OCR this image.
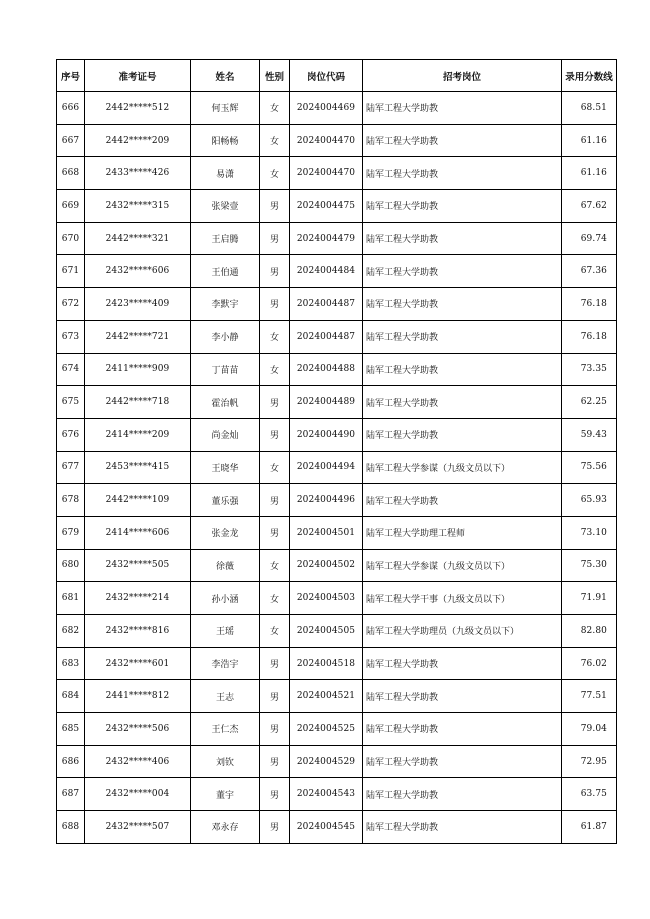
序号	准考证号	姓名	性别	岗位代码	招考岗位	录用分数线
666	2442*****512	何玉辉	女	2024004469	陆军工程大学助教	68.51
667	2442*****209	阳畅畅	女	2024004470	陆军工程大学助教	61.16
668	2433*****426	易潇	女	2024004470	陆军工程大学助教	61.16
669	2432*****315	张梁壹	男	2024004475	陆军工程大学助教	67.62
670	2442*****321	王启腾	男	2024004479	陆军工程大学助教	69.74
671	2432*****606	王伯通	男	2024004484	陆军工程大学助教	67.36
672	2423*****409	李默宇	男	2024004487	陆军工程大学助教	76.18
673	2442*****721	李小静	女	2024004487	陆军工程大学助教	76.18
674	2411*****909	丁苗苗	女	2024004488	陆军工程大学助教	73.35
675	2442*****718	霍治帆	男	2024004489	陆军工程大学助教	62.25
676	2414*****209	尚金灿	男	2024004490	陆军工程大学助教	59.43
677	2453*****415	王晓华	女	2024004494	陆军工程大学参谋（九级文员以下）	75.56
678	2442*****109	董乐强	男	2024004496	陆军工程大学助教	65.93
679	2414*****606	张金龙	男	2024004501	陆军工程大学助理工程师	73.10
680	2432*****505	徐薇	女	2024004502	陆军工程大学参谋（九级文员以下）	75.30
681	2432*****214	孙小涵	女	2024004503	陆军工程大学干事（九级文员以下）	71.91
682	2432*****816	王瑶	女	2024004505	陆军工程大学助理员（九级文员以下）	82.80
683	2432*****601	李浩宇	男	2024004518	陆军工程大学助教	76.02
684	2441*****812	王志	男	2024004521	陆军工程大学助教	77.51
685	2432*****506	王仁杰	男	2024004525	陆军工程大学助教	79.04
686	2432*****406	刘钦	男	2024004529	陆军工程大学助教	72.95
687	2432*****004	董宇	男	2024004543	陆军工程大学助教	63.75
688	2432*****507	邓永存	男	2024004545	陆军工程大学助教	61.87
